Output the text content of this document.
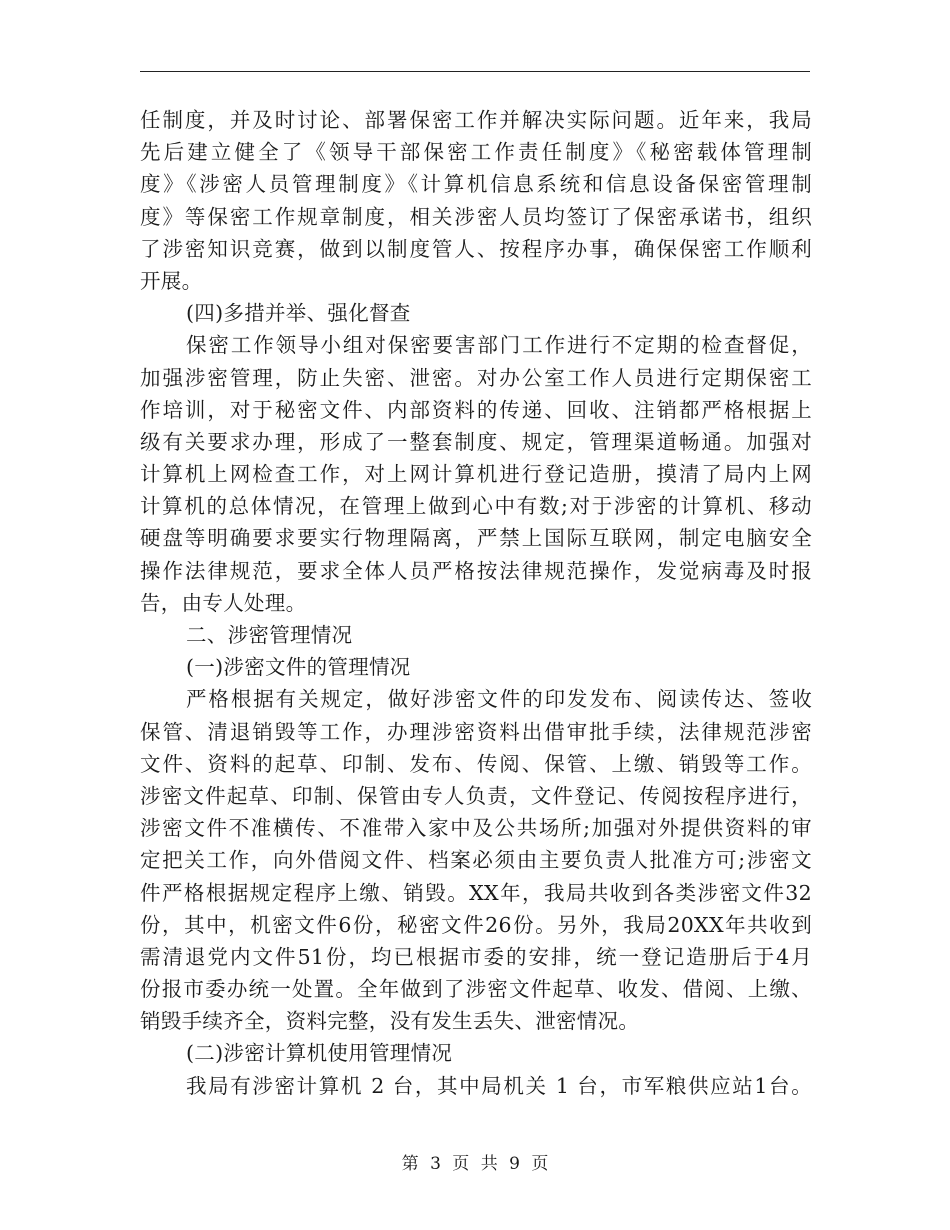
任制度，并及时讨论、部署保密工作并解决实际问题。近年来，我局
先后建立健全了《领导干部保密工作责任制度》《秘密载体管理制
度》《涉密人员管理制度》《计算机信息系统和信息设备保密管理制
度》等保密工作规章制度，相关涉密人员均签订了保密承诺书，组织
了涉密知识竞赛，做到以制度管人、按程序办事，确保保密工作顺利
开展。
(四)多措并举、强化督查
保密工作领导小组对保密要害部门工作进行不定期的检查督促，
加强涉密管理，防止失密、泄密。对办公室工作人员进行定期保密工
作培训，对于秘密文件、内部资料的传递、回收、注销都严格根据上
级有关要求办理，形成了一整套制度、规定，管理渠道畅通。加强对
计算机上网检查工作，对上网计算机进行登记造册，摸清了局内上网
计算机的总体情况，在管理上做到心中有数;对于涉密的计算机、移动
硬盘等明确要求要实行物理隔离，严禁上国际互联网，制定电脑安全
操作法律规范，要求全体人员严格按法律规范操作，发觉病毒及时报
告，由专人处理。
二、涉密管理情况
(一)涉密文件的管理情况
严格根据有关规定，做好涉密文件的印发发布、阅读传达、签收
保管、清退销毁等工作，办理涉密资料出借审批手续，法律规范涉密
文件、资料的起草、印制、发布、传阅、保管、上缴、销毁等工作。
涉密文件起草、印制、保管由专人负责，文件登记、传阅按程序进行，
涉密文件不准横传、不准带入家中及公共场所;加强对外提供资料的审
定把关工作，向外借阅文件、档案必须由主要负责人批准方可;涉密文
件严格根据规定程序上缴、销毁。XX年，我局共收到各类涉密文件32
份，其中，机密文件6份，秘密文件26份。另外，我局20XX年共收到
需清退党内文件51份，均已根据市委的安排，统一登记造册后于4月
份报市委办统一处置。全年做到了涉密文件起草、收发、借阅、上缴、
销毁手续齐全，资料完整，没有发生丢失、泄密情况。
(二)涉密计算机使用管理情况
我局有涉密计算机 2 台，其中局机关 1 台，市军粮供应站1台。
第 3 页 共 9 页
